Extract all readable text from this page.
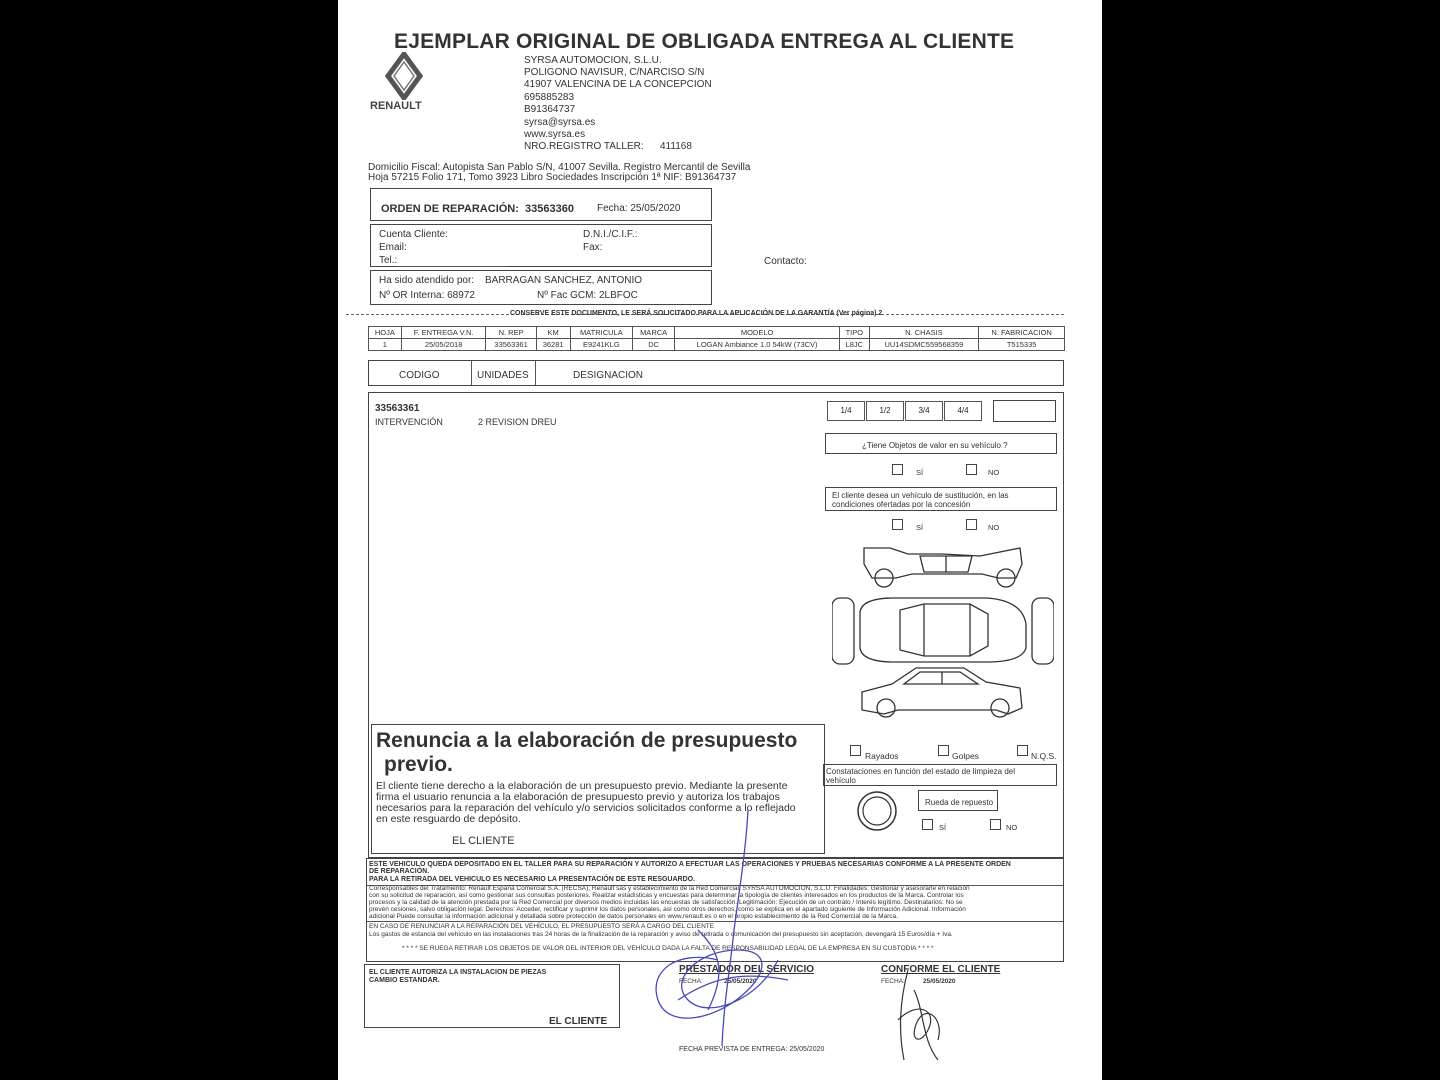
EJEMPLAR ORIGINAL DE OBLIGADA ENTREGA AL CLIENTE
RENAULT
SYRSA AUTOMOCION, S.L.U.
POLIGONO NAVISUR, C/NARCISO S/N
41907 VALENCINA DE LA CONCEPCION
695885283
B91364737
syrsa@syrsa.es
www.syrsa.es
NRO.REGISTRO TALLER: 411168
Domicilio Fiscal: Autopista San Pablo S/N, 41007 Sevilla. Registro Mercantil de Sevilla
Hoja 57215 Folio 171, Tomo 3923 Libro Sociedades Inscripción 1ª NIF: B91364737
ORDEN DE REPARACIÓN: 33563360 Fecha: 25/05/2020
Cuenta Cliente:
Email:
Tel.:
D.N.I./C.I.F.:
Fax:
Contacto:
Ha sido atendido por: BARRAGAN SANCHEZ, ANTONIO
Nº OR Interna: 68972	Nº Fac GCM: 2LBFOC
CONSERVE ESTE DOCUMENTO, LE SERÁ SOLICITADO PARA LA APLICACIÓN DE LA GARANTÍA (Ver página) 2
HOJA	F. ENTREGA V.N.	N. REP	KM	MATRICULA	MARCA	MODELO	TIPO	N. CHASIS	N. FABRICACION
1	25/05/2018	33563361	36281	E9241KLG	DC	LOGAN Ambiance 1.0 54kW (73CV)	L8JC	UU14SDMC559568359	T515335
CODIGO	UNIDADES	DESIGNACION
33563361
INTERVENCIÓN	2 REVISION DREU
1/4	1/2	3/4	4/4
¿Tiene Objetos de valor en su vehículo ?
SÍ	NO
El cliente desea un vehículo de sustitución, en las
condiciones ofertadas por la concesión
SÍ	NO
Rayados	Golpes	N.Q.S.
Constataciones en función del estado de limpieza del
vehículo
Rueda de repuesto
SÍ	NO
Renuncia a la elaboración de presupuesto
previo.
El cliente tiene derecho a la elaboración de un presupuesto previo. Mediante la presente
firma el usuario renuncia a la elaboración de presupuesto previo y autoriza los trabajos
necesarios para la reparación del vehículo y/o servicios solicitados conforme a lo reflejado
en este resguardo de depósito.
EL CLIENTE
ESTE VEHICULO QUEDA DEPOSITADO EN EL TALLER PARA SU REPARACIÓN Y AUTORIZO A EFECTUAR LAS OPERACIONES Y PRUEBAS NECESARIAS CONFORME A LA PRESENTE ORDEN
DE REPARACIÓN.
PARA LA RETIRADA DEL VEHICULO ES NECESARIO LA PRESENTACIÓN DE ESTE RESGUARDO.
Corresponsables del Tratamiento: Renault España Comercial S.A. (RECSA), Renault sas y establecimiento de la Red Comercial: SYRSA AUTOMOCION, S.L.U. Finalidades: Gestionar y asesorarle en relación
con su solicitud de reparación, así como gestionar sus consultas posteriores. Realizar estadísticas y encuestas para determinar la tipología de clientes interesados en los productos de la Marca. Controlar los
procesos y la calidad de la atención prestada por la Red Comercial por diversos medios incluidas las encuestas de satisfacción. Legitimación: Ejecución de un contrato / Interés legítimo. Destinatarios: No se
prevén cesiones, salvo obligación legal. Derechos: Acceder, rectificar y suprimir los datos personales, así como otros derechos, como se explica en el apartado siguiente de Información Adicional. Información
adicional Puede consultar la información adicional y detallada sobre protección de datos personales en www.renault.es o en el propio establecimiento de la Red Comercial de la Marca.
EN CASO DE RENUNCIAR A LA REPARACIÓN DEL VEHÍCULO, EL PRESUPUESTO SERÁ A CARGO DEL CLIENTE
Los gastos de estancia del vehículo en las instalaciones tras 24 horas de la finalización de la reparación y aviso de retirada o comunicación del presupuesto sin aceptación, devengará 15 Euros/día + Iva.
* * * * SE RUEGA RETIRAR LOS OBJETOS DE VALOR DEL INTERIOR DEL VEHÍCULO DADA LA FALTA DE RESPONSABILIDAD LEGAL DE LA EMPRESA EN SU CUSTODIA * * * *
EL CLIENTE AUTORIZA LA INSTALACION DE PIEZAS
CAMBIO ESTANDAR.
EL CLIENTE
PRESTADOR DEL SERVICIO
FECHA:	25/05/2020
CONFORME EL CLIENTE
FECHA:	25/05/2020
FECHA PREVISTA DE ENTREGA: 25/05/2020
